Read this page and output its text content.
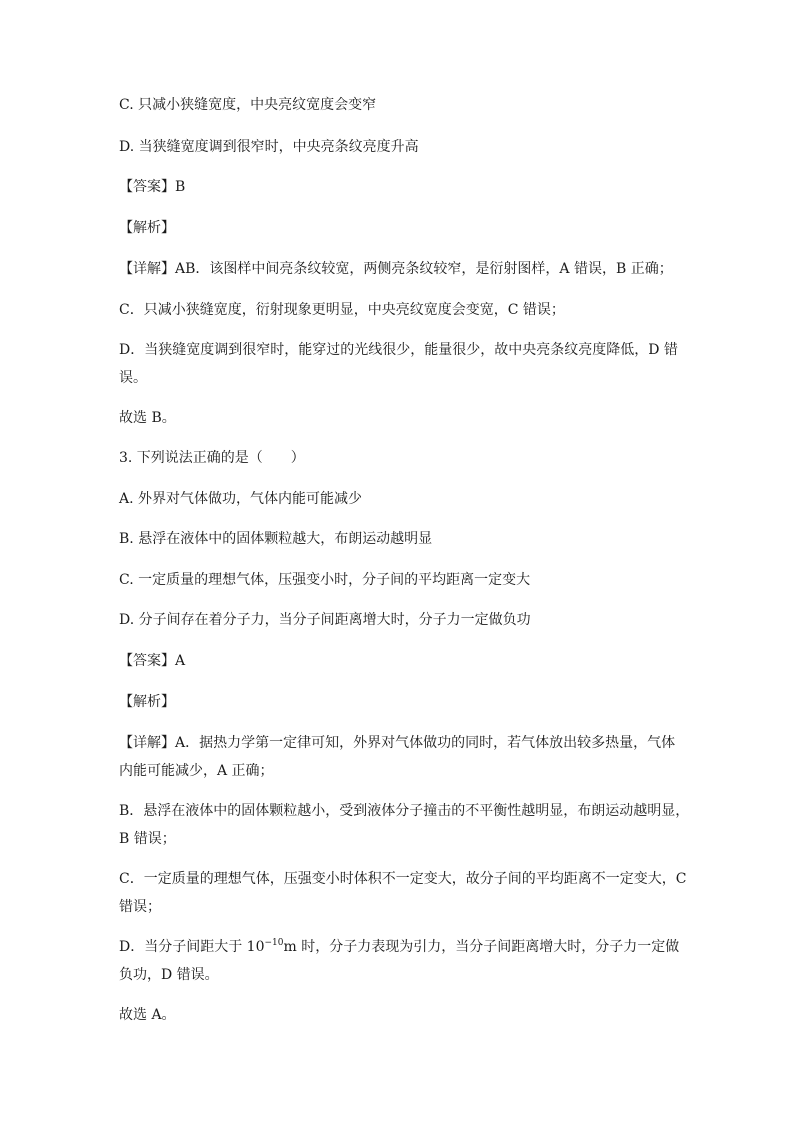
C. 只减小狭缝宽度，中央亮纹宽度会变窄
D. 当狭缝宽度调到很窄时，中央亮条纹亮度升高
【答案】B
【解析】
【详解】AB．该图样中间亮条纹较宽，两侧亮条纹较窄，是衍射图样，A 错误，B 正确；
C．只减小狭缝宽度，衍射现象更明显，中央亮纹宽度会变宽，C 错误；
D．当狭缝宽度调到很窄时，能穿过的光线很少，能量很少，故中央亮条纹亮度降低，D 错
误。
故选 B。
3. 下列说法正确的是（　　）
A. 外界对气体做功，气体内能可能减少
B. 悬浮在液体中的固体颗粒越大，布朗运动越明显
C. 一定质量的理想气体，压强变小时，分子间的平均距离一定变大
D. 分子间存在着分子力，当分子间距离增大时，分子力一定做负功
【答案】A
【解析】
【详解】A．据热力学第一定律可知，外界对气体做功的同时，若气体放出较多热量，气体
内能可能减少，A 正确；
B．悬浮在液体中的固体颗粒越小，受到液体分子撞击的不平衡性越明显，布朗运动越明显，
B 错误；
C．一定质量的理想气体，压强变小时体积不一定变大，故分子间的平均距离不一定变大，C
错误；
D．当分子间距大于 $10^{-10}m$ 时，分子力表现为引力，当分子间距离增大时，分子力一定做
负功，D 错误。
故选 A。
